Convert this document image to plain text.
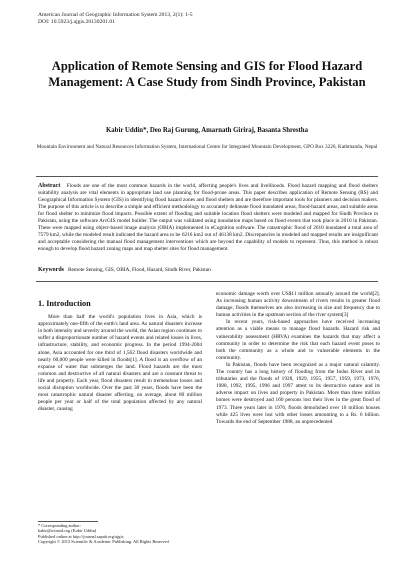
American Journal of Geographic Information System 2013, 2(1): 1-5
DOI: 10.5923/j.ajgis.20130201.01
Application of Remote Sensing and GIS for Flood Hazard Management: A Case Study from Sindh Province, Pakistan
Kabir Uddin*, Deo Raj Gurung, Amarnath Giriraj, Basanta Shrestha
Mountain Environment and Natural Resources Information System, International Centre for Integrated Mountain Development, GPO Box 3226, Kathmandu, Nepal
Abstract Floods are one of the most common hazards in the world, affecting people's lives and livelihoods. Flood hazard mapping and flood shelters suitability analysis are vital elements in appropriate land use planning for flood-prone areas. This paper describes application of Remote Sensing (RS) and Geographical Information System (GIS) in identifying flood hazard zones and flood shelters and are therefore important tools for planners and decision makers. The purpose of this article is to describe a simple and efficient methodology to accurately delineate flood inundated areas, flood-hazard areas, and suitable areas for flood shelter to minimize flood impacts. Possible extent of flooding and suitable location flood shelters were modeled and mapped for Sindh Province in Pakistan, using the software ArcGIS model builder. The output was validated using inundation maps based on flood events that took place in 2010 in Pakistan. These were mapped using object-based image analysis (OBIA) implemented in eCognition software. The catastrophic flood of 2010 inundated a total area of 7579 km2, while the modeled result indicated the hazard area to be 6216 km2 out of 46138 km2. Discrepancies in modeled and mapped results are insignificant and acceptable considering the manual flood management interventions which are beyond the capability of models to represent. Thus, this method is robust enough to develop flood hazard zoning maps and map shelter sites for flood management.
Keywords Remote Sensing, GIS, OBIA, Flood, Hazard, Sindh River, Pakistan
1. Introduction

More than half the world's population lives in Asia, which is approximately one-fifth of the earth's land area. As natural disasters increase in both intensity and severity around the world, the Asian region continues to suffer a disproportionate number of hazard events and related losses in lives, infrastructure, stability, and economic progress. In the period 1994-2004 alone, Asia accounted for one third of 1,562 flood disasters worldwide and nearly 60,000 people were killed in floods[1]. A flood is an overflow of an expanse of water that submerges the land. Flood hazards are the most common and destructive of all natural disasters and are a constant threat to life and property. Each year, flood disasters result in tremendous losses and social disruption worldwide. Over the past 30 years, floods have been the most catastrophic natural disaster affecting, on average, about 80 million people per year or half of the total population affected by any natural disaster, causing

economic damage worth over US$11 million annually around the world[2]. As increasing human activity downstream of rivers results in greater flood damage, floods themselves are also increasing in size and frequency due to human activities in the upstream section of the river system[3]

In recent years, risk-based approaches have received increasing attention as a viable means to manage flood hazards. Hazard risk and vulnerability assessment (HRVA) examines the hazards that may affect a community in order to determine the risk that each hazard event poses to both the community as a whole and to vulnerable elements in the community.

In Pakistan, floods have been recognized as a major natural calamity. The country has a long history of flooding from the Indus River and its tributaries and the floods of 1928, 1929, 1955, 1957, 1959, 1973, 1976, 1988, 1992, 1995, 1996 and 1997 attest to its destructive nature and its adverse impact on lives and property in Pakistan. More than three million homes were destroyed and 160 persons lost their lives in the great flood of 1973. Three years later in 1976, floods demolished over 10 million houses while 425 lives were lost with other losses amounting to a Rs. 6 billion. Towards the end of September 1988, an unprecedented

* Corresponding author:
kabir@icimod.org (Kabir Uddin)
Published online at http://journal.sapub.org/ajgis
Copyright © 2013 Scientific & Academic Publishing. All Rights Reserved
